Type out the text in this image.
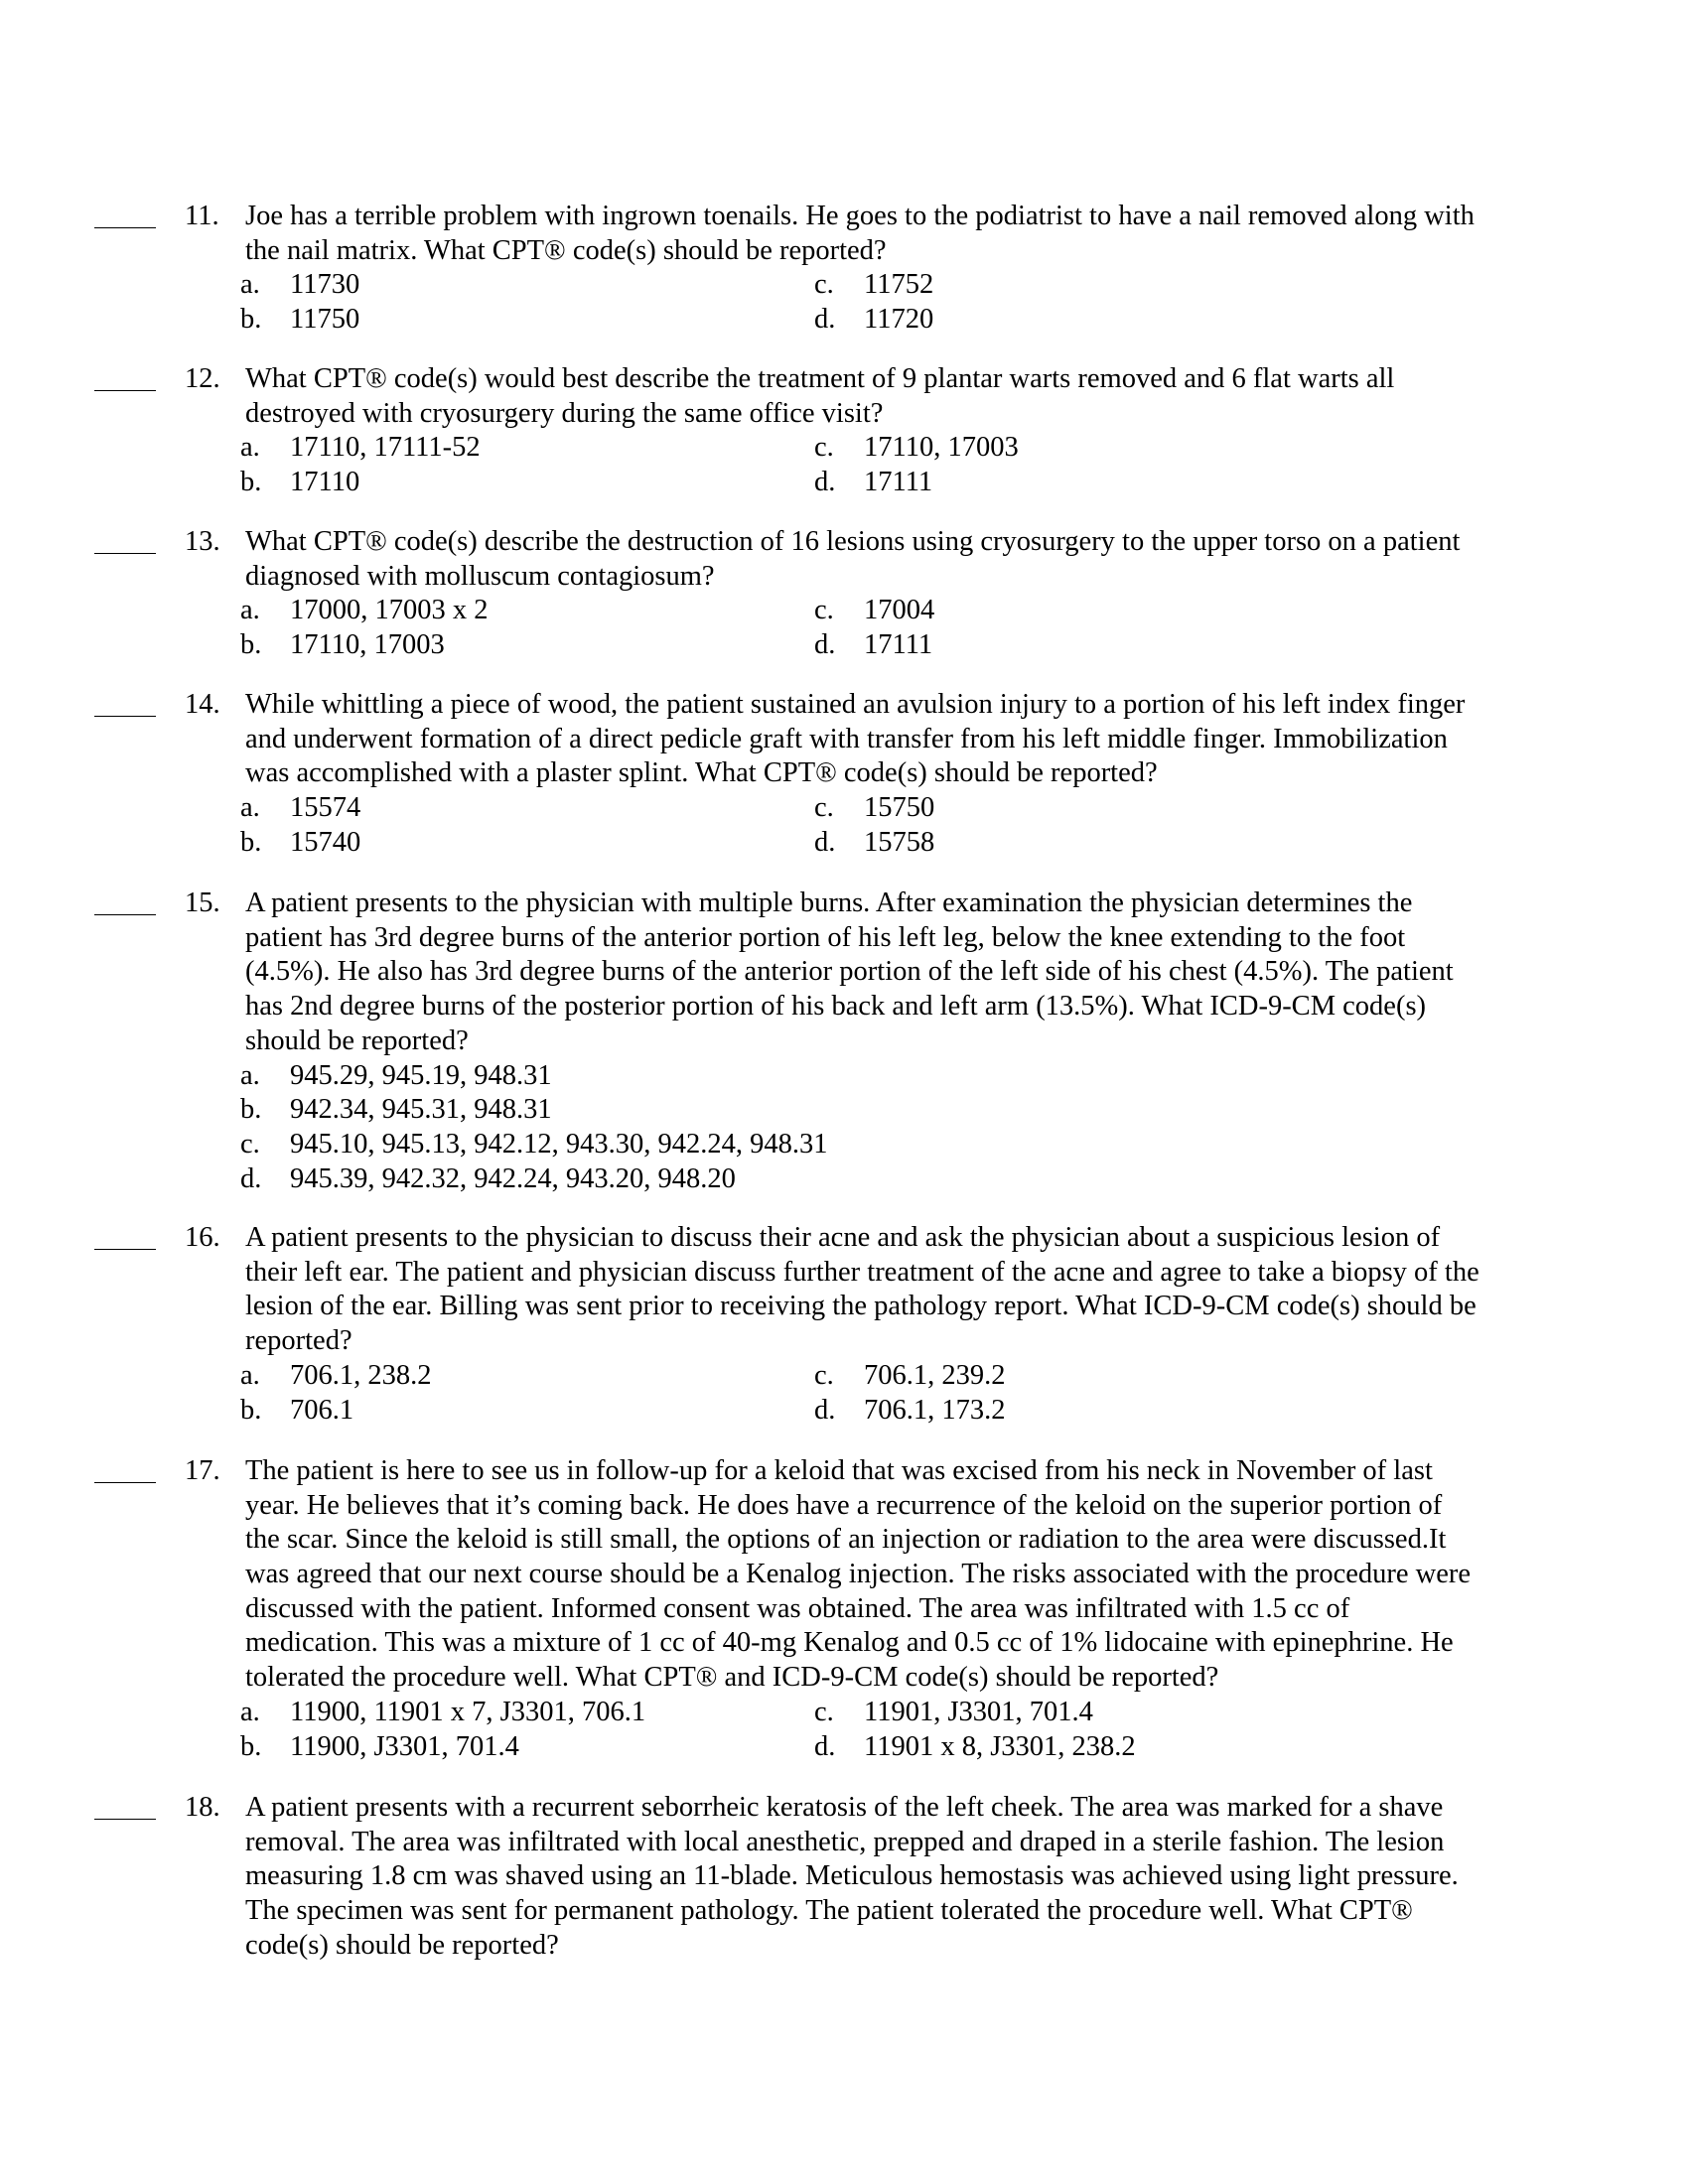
11. Joe has a terrible problem with ingrown toenails. He goes to the podiatrist to have a nail removed along with
the nail matrix. What CPT® code(s) should be reported?
a. 11730
b. 11750
c. 11752
d. 11720
12. What CPT® code(s) would best describe the treatment of 9 plantar warts removed and 6 flat warts all
destroyed with cryosurgery during the same office visit?
a. 17110, 17111-52
b. 17110
c. 17110, 17003
d. 17111
13. What CPT® code(s) describe the destruction of 16 lesions using cryosurgery to the upper torso on a patient
diagnosed with molluscum contagiosum?
a. 17000, 17003 x 2
b. 17110, 17003
c. 17004
d. 17111
14. While whittling a piece of wood, the patient sustained an avulsion injury to a portion of his left index finger
and underwent formation of a direct pedicle graft with transfer from his left middle finger. Immobilization
was accomplished with a plaster splint. What CPT® code(s) should be reported?
a. 15574
b. 15740
c. 15750
d. 15758
15. A patient presents to the physician with multiple burns. After examination the physician determines the
patient has 3rd degree burns of the anterior portion of his left leg, below the knee extending to the foot
(4.5%). He also has 3rd degree burns of the anterior portion of the left side of his chest (4.5%). The patient
has 2nd degree burns of the posterior portion of his back and left arm (13.5%). What ICD-9-CM code(s)
should be reported?
a. 945.29, 945.19, 948.31
b. 942.34, 945.31, 948.31
c. 945.10, 945.13, 942.12, 943.30, 942.24, 948.31
d. 945.39, 942.32, 942.24, 943.20, 948.20
16. A patient presents to the physician to discuss their acne and ask the physician about a suspicious lesion of
their left ear. The patient and physician discuss further treatment of the acne and agree to take a biopsy of the
lesion of the ear. Billing was sent prior to receiving the pathology report. What ICD-9-CM code(s) should be
reported?
a. 706.1, 238.2
b. 706.1
c. 706.1, 239.2
d. 706.1, 173.2
17. The patient is here to see us in follow-up for a keloid that was excised from his neck in November of last
year. He believes that it’s coming back. He does have a recurrence of the keloid on the superior portion of
the scar. Since the keloid is still small, the options of an injection or radiation to the area were discussed.It
was agreed that our next course should be a Kenalog injection. The risks associated with the procedure were
discussed with the patient. Informed consent was obtained. The area was infiltrated with 1.5 cc of
medication. This was a mixture of 1 cc of 40-mg Kenalog and 0.5 cc of 1% lidocaine with epinephrine. He
tolerated the procedure well. What CPT® and ICD-9-CM code(s) should be reported?
a. 11900, 11901 x 7, J3301, 706.1
b. 11900, J3301, 701.4
c. 11901, J3301, 701.4
d. 11901 x 8, J3301, 238.2
18. A patient presents with a recurrent seborrheic keratosis of the left cheek. The area was marked for a shave
removal. The area was infiltrated with local anesthetic, prepped and draped in a sterile fashion. The lesion
measuring 1.8 cm was shaved using an 11-blade. Meticulous hemostasis was achieved using light pressure.
The specimen was sent for permanent pathology. The patient tolerated the procedure well. What CPT®
code(s) should be reported?
